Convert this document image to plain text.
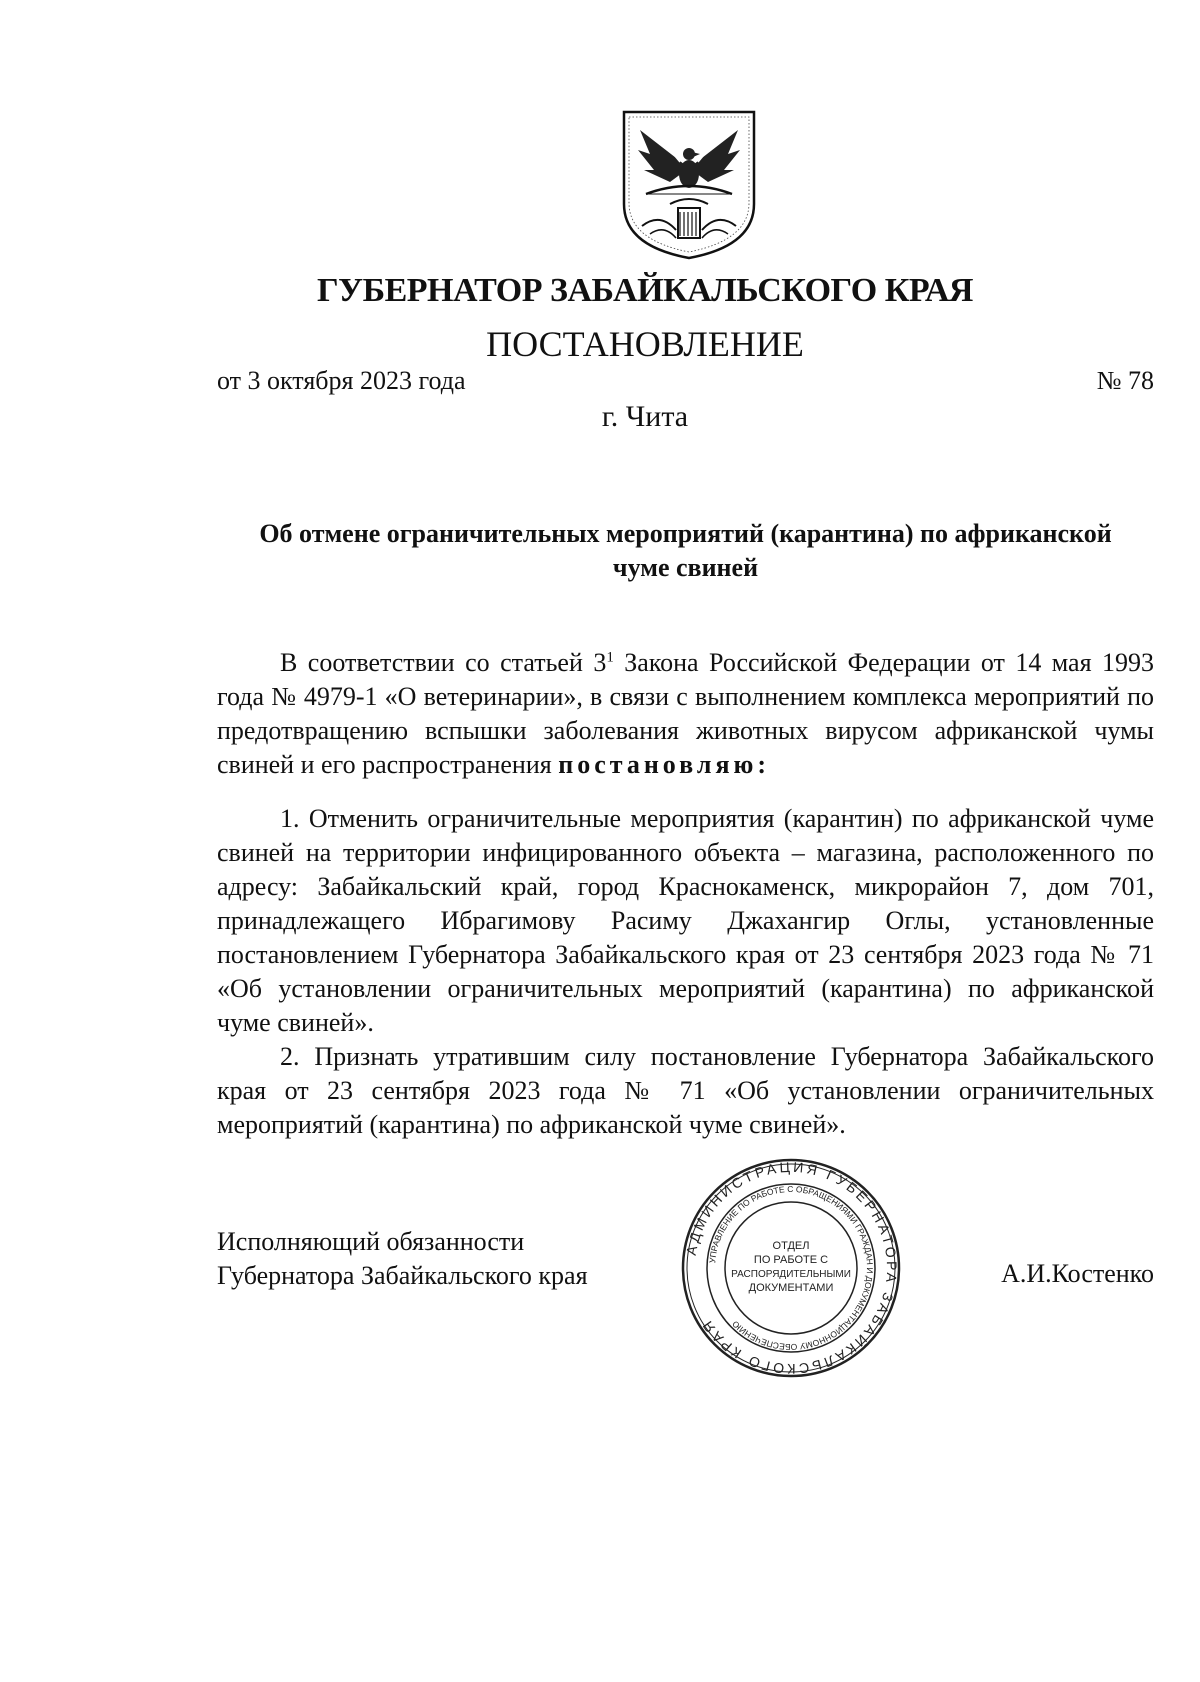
ГУБЕРНАТОР ЗАБАЙКАЛЬСКОГО КРАЯ
ПОСТАНОВЛЕНИЕ
от 3 октября 2023 года	№ 78
г. Чита
Об отмене ограничительных мероприятий (карантина) по африканской
чуме свиней

В соответствии со статьей $3^1$ Закона Российской Федерации от 14 мая 1993 года № 4979-1 «О ветеринарии», в связи с выполнением комплекса мероприятий по предотвращению вспышки заболевания животных вирусом африканской чумы свиней и его распространения постановляю:

1. Отменить ограничительные мероприятия (карантин) по африканской чуме свиней на территории инфицированного объекта – магазина, расположенного по адресу: Забайкальский край, город Краснокаменск, микрорайон 7, дом 701, принадлежащего Ибрагимову Расиму Джахангир Оглы, установленные постановлением Губернатора Забайкальского края от 23 сентября 2023 года № 71 «Об установлении ограничительных мероприятий (карантина) по африканской чуме свиней».

2. Признать утратившим силу постановление Губернатора Забайкальского края от 23 сентября 2023 года № 71 «Об установлении ограничительных мероприятий (карантина) по африканской чуме свиней».

Исполняющий обязанности
Губернатора Забайкальского края
АДМИНИСТРАЦИЯ ГУБЕРНАТОРА ЗАБАЙКАЛЬСКОГО КРАЯ
УПРАВЛЕНИЕ ПО РАБОТЕ С ОБРАЩЕНИЯМИ ГРАЖДАН И ДОКУМЕНТАЦИОННОМУ ОБЕСПЕЧЕНИЮ
ОТДЕЛ
ПО РАБОТЕ С
РАСПОРЯДИТЕЛЬНЫМИ
ДОКУМЕНТАМИ	А.И.Костенко
